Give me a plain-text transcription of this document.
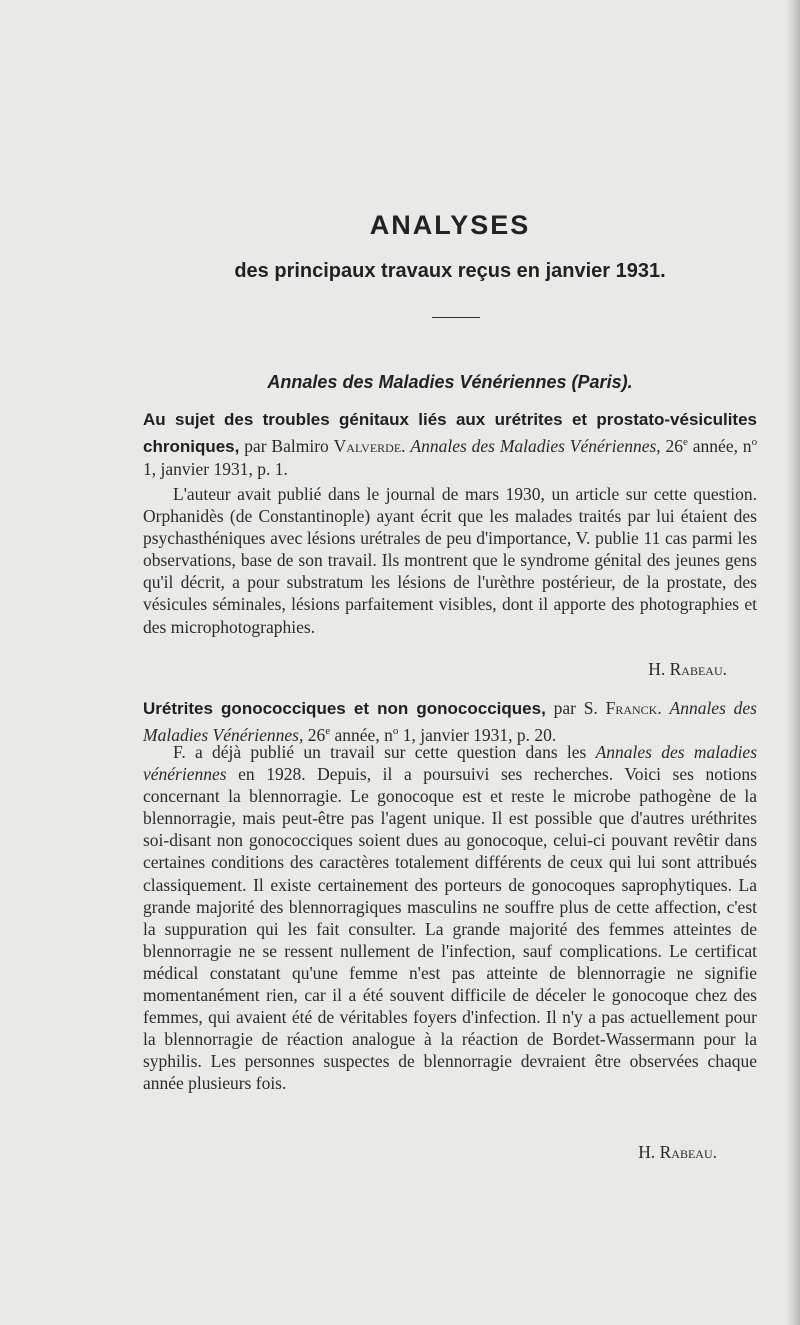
ANALYSES
des principaux travaux reçus en janvier 1931.
Annales des Maladies Vénériennes (Paris).
Au sujet des troubles génitaux liés aux urétrites et prostato-vésiculites chroniques, par Balmiro Valverde. Annales des Maladies Vénériennes, 26e année, $n^o$ 1, janvier 1931, p. 1.
L'auteur avait publié dans le journal de mars 1930, un article sur cette question. Orphanidès (de Constantinople) ayant écrit que les malades traités par lui étaient des psychasthéniques avec lésions urétrales de peu d'importance, V. publie 11 cas parmi les observations, base de son travail. Ils montrent que le syndrome génital des jeunes gens qu'il décrit, a pour substratum les lésions de l'urèthre postérieur, de la prostate, des vésicules séminales, lésions parfaitement visibles, dont il apporte des photographies et des microphotographies.
H. Rabeau.
Urétrites gonococciques et non gonococciques, par S. Franck. Annales des Maladies Vénériennes, 26e année, $n^o$ 1, janvier 1931, p. 20.
F. a déjà publié un travail sur cette question dans les Annales des maladies vénériennes en 1928. Depuis, il a poursuivi ses recherches. Voici ses notions concernant la blennorragie. Le gonocoque est et reste le microbe pathogène de la blennorragie, mais peut-être pas l'agent unique. Il est possible que d'autres uréthrites soi-disant non gonococciques soient dues au gonocoque, celui-ci pouvant revêtir dans certaines conditions des caractères totalement différents de ceux qui lui sont attribués classiquement. Il existe certainement des porteurs de gonocoques saprophytiques. La grande majorité des blennorragiques masculins ne souffre plus de cette affection, c'est la suppuration qui les fait consulter. La grande majorité des femmes atteintes de blennorragie ne se ressent nullement de l'infection, sauf complications. Le certificat médical constatant qu'une femme n'est pas atteinte de blennorragie ne signifie momentanément rien, car il a été souvent difficile de déceler le gonocoque chez des femmes, qui avaient été de véritables foyers d'infection. Il n'y a pas actuellement pour la blennorragie de réaction analogue à la réaction de Bordet-Wassermann pour la syphilis. Les personnes suspectes de blennorragie devraient être observées chaque année plusieurs fois.
H. Rabeau.
